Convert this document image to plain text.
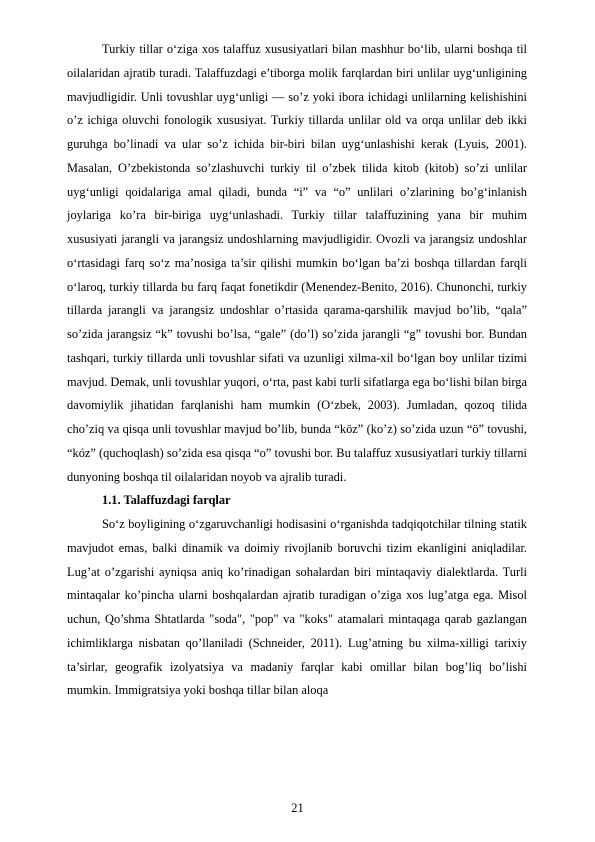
Turkiy tillar o‘ziga xos talaffuz xususiyatlari bilan mashhur bo‘lib, ularni boshqa til oilalaridan ajratib turadi. Talaffuzdagi e’tiborga molik farqlardan biri unlilar uyg‘unligining mavjudligidir. Unli tovushlar uyg‘unligi — so’z yoki ibora ichidagi unlilarning kelishishini o’z ichiga oluvchi fonologik xususiyat. Turkiy tillarda unlilar old va orqa unlilar deb ikki guruhga bo’linadi va ular so’z ichida bir-biri bilan uyg‘unlashishi kerak (Lyuis, 2001). Masalan, O’zbekistonda so’zlashuvchi turkiy til o’zbek tilida kitob (kitob) so’zi unlilar uyg‘unligi qoidalariga amal qiladi, bunda “i” va “o” unlilari o’zlarining bo’g‘inlanish joylariga ko’ra bir-biriga uyg‘unlashadi. Turkiy tillar talaffuzining yana bir muhim xususiyati jarangli va jarangsiz undoshlarning mavjudligidir. Ovozli va jarangsiz undoshlar o‘rtasidagi farq so‘z ma’nosiga ta’sir qilishi mumkin bo‘lgan ba’zi boshqa tillardan farqli o‘laroq, turkiy tillarda bu farq faqat fonetikdir (Menendez-Benito, 2016). Chunonchi, turkiy tillarda jarangli va jarangsiz undoshlar o’rtasida qarama-qarshilik mavjud bo’lib, “qala” so’zida jarangsiz “k” tovushi bo’lsa, “gale” (do’l) so’zida jarangli “g” tovushi bor. Bundan tashqari, turkiy tillarda unli tovushlar sifati va uzunligi xilma-xil bo‘lgan boy unlilar tizimi mavjud. Demak, unli tovushlar yuqori, o‘rta, past kabi turli sifatlarga ega bo‘lishi bilan birga davomiylik jihatidan farqlanishi ham mumkin (O‘zbek, 2003). Jumladan, qozoq tilida cho’ziq va qisqa unli tovushlar mavjud bo’lib, bunda “köz” (ko’z) so’zida uzun “ö” tovushi, “kóz” (quchoqlash) so’zida esa qisqa “o” tovushi bor. Bu talaffuz xususiyatlari turkiy tillarni dunyoning boshqa til oilalaridan noyob va ajralib turadi.

1.1. Talaffuzdagi farqlar

So‘z boyligining o‘zgaruvchanligi hodisasini o‘rganishda tadqiqotchilar tilning statik mavjudot emas, balki dinamik va doimiy rivojlanib boruvchi tizim ekanligini aniqladilar. Lug’at o’zgarishi ayniqsa aniq ko’rinadigan sohalardan biri mintaqaviy dialektlarda. Turli mintaqalar ko’pincha ularni boshqalardan ajratib turadigan o’ziga xos lug’atga ega. Misol uchun, Qo’shma Shtatlarda "soda", "pop" va "koks" atamalari mintaqaga qarab gazlangan ichimliklarga nisbatan qo’llaniladi (Schneider, 2011). Lug’atning bu xilma-xilligi tarixiy ta’sirlar, geografik izolyatsiya va madaniy farqlar kabi omillar bilan bog’liq bo’lishi mumkin. Immigratsiya yoki boshqa tillar bilan aloqa

21
